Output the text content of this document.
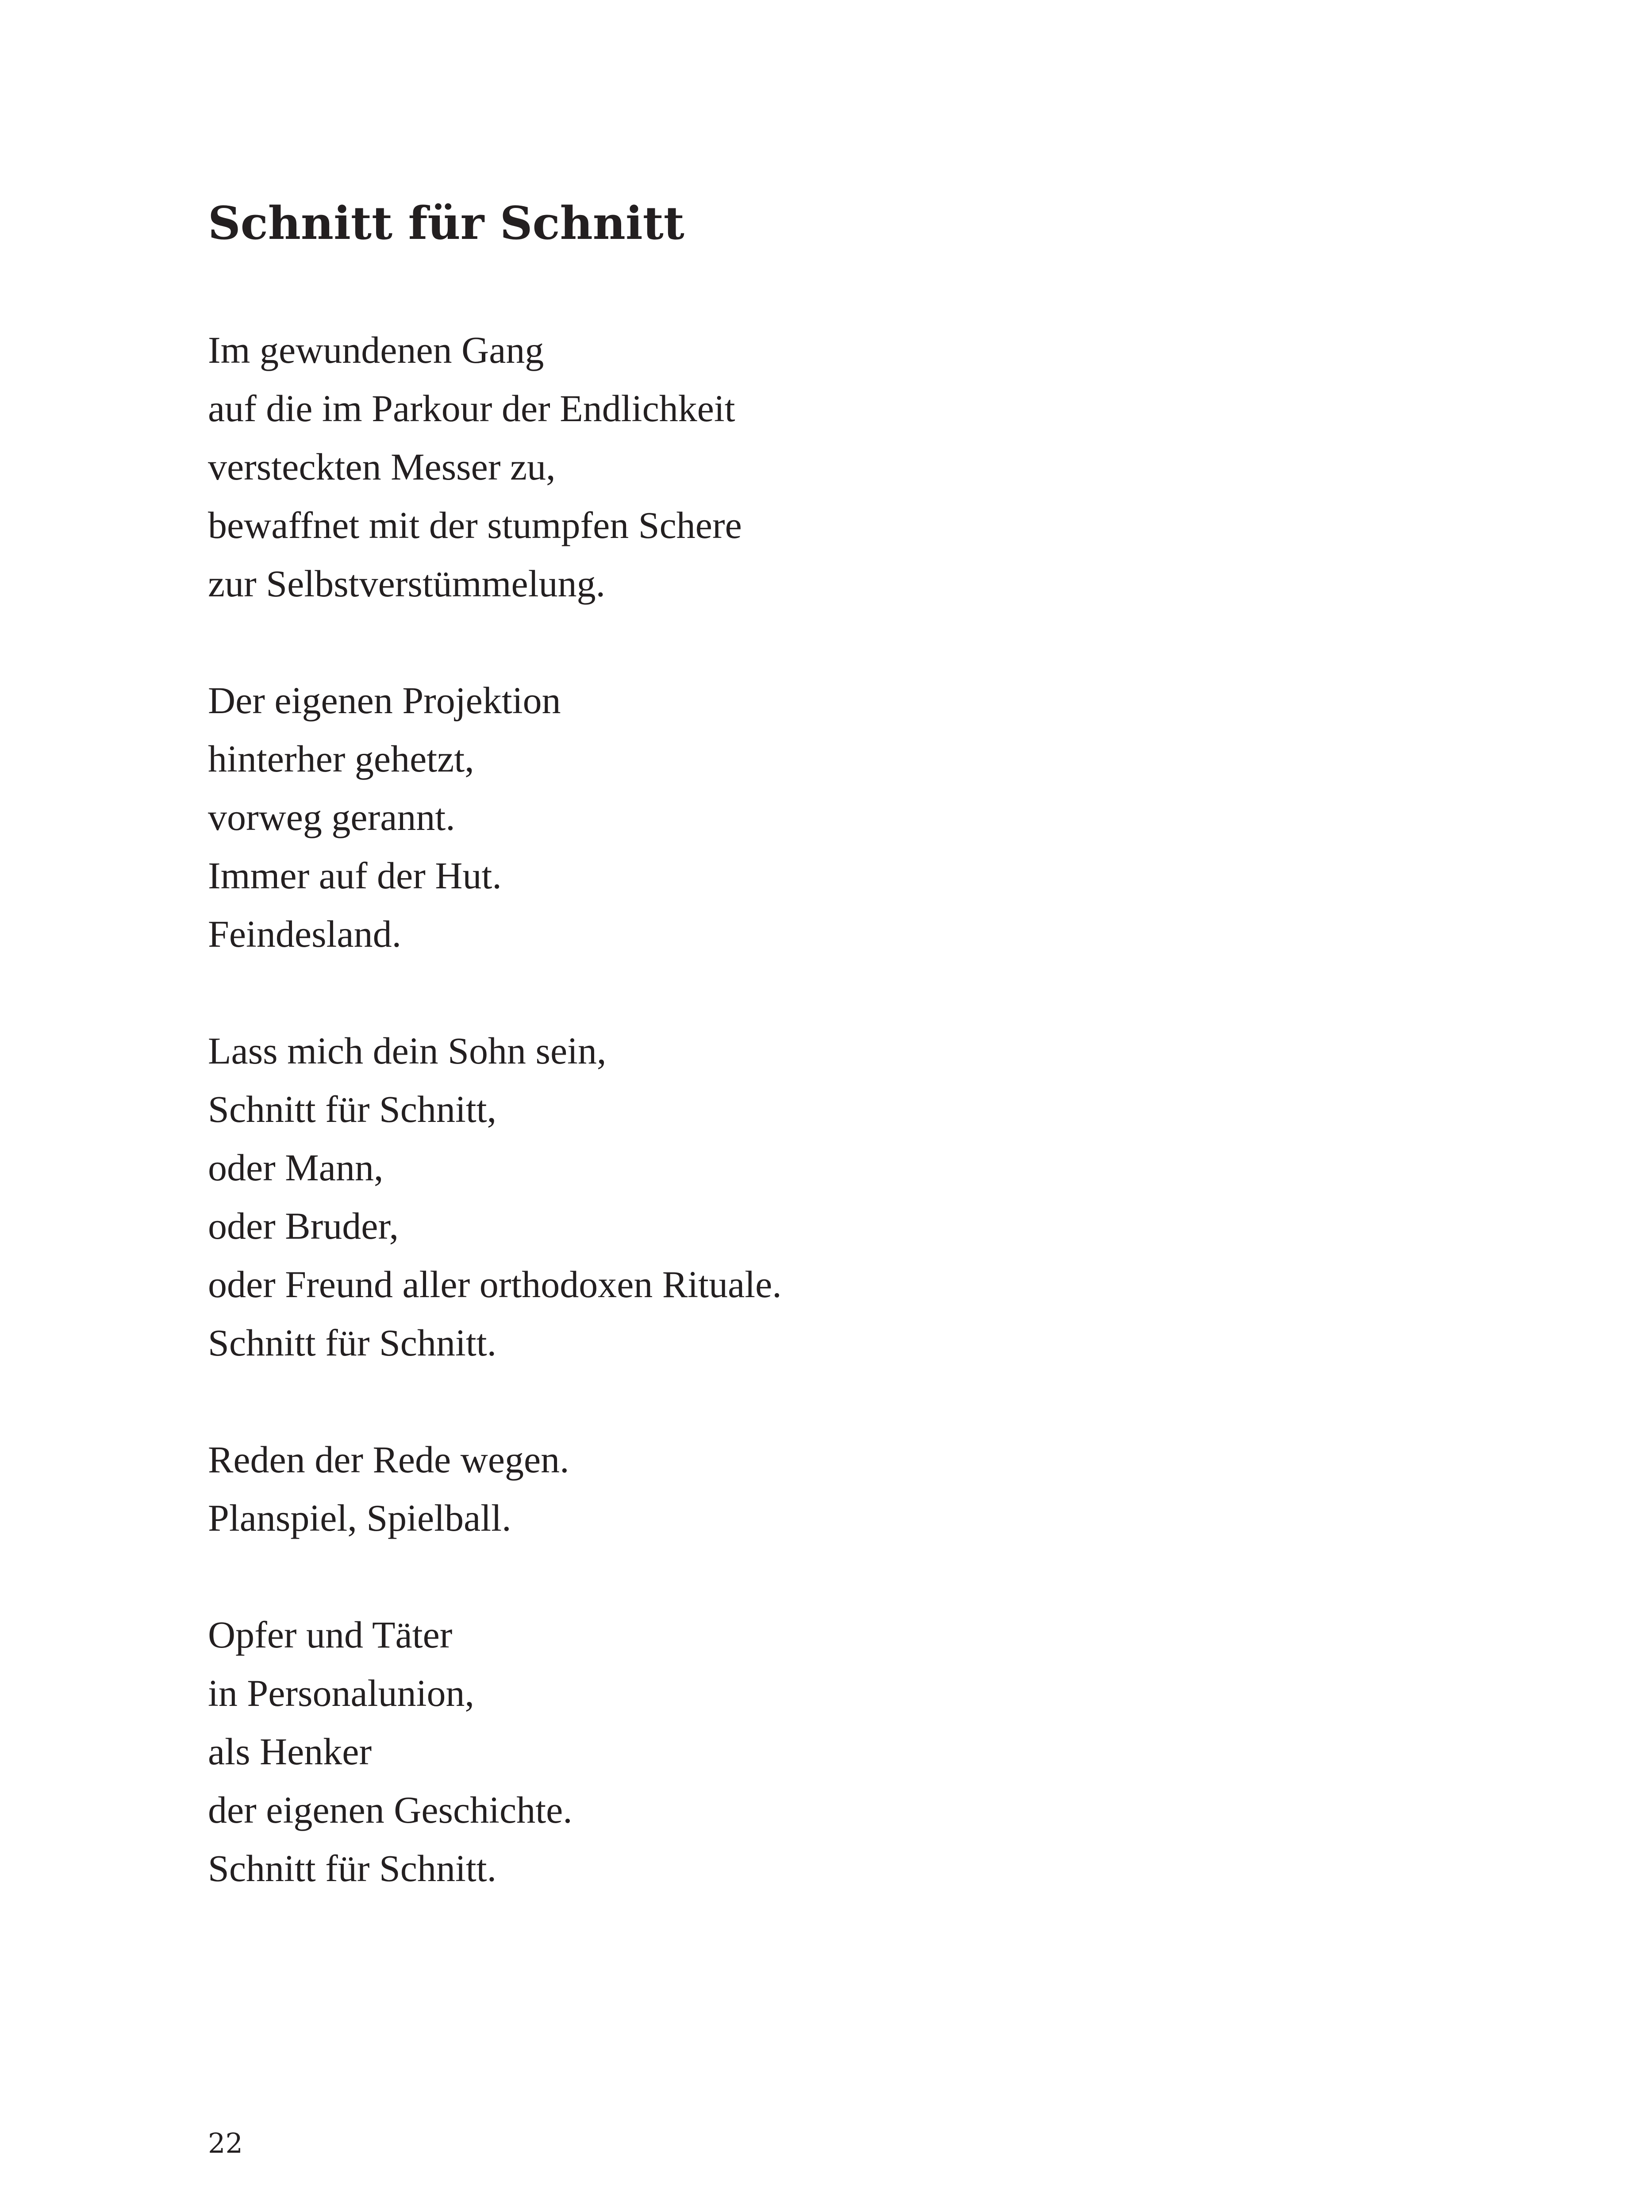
Schnitt für Schnitt
Im gewundenen Gang
auf die im Parkour der Endlichkeit
versteckten Messer zu,
bewaffnet mit der stumpfen Schere
zur Selbstverstümmelung.
Der eigenen Projektion
hinterher gehetzt,
vorweg gerannt.
Immer auf der Hut.
Feindesland.
Lass mich dein Sohn sein,
Schnitt für Schnitt,
oder Mann,
oder Bruder,
oder Freund aller orthodoxen Rituale.
Schnitt für Schnitt.
Reden der Rede wegen.
Planspiel, Spielball.
Opfer und Täter
in Personalunion,
als Henker
der eigenen Geschichte.
Schnitt für Schnitt.
22
